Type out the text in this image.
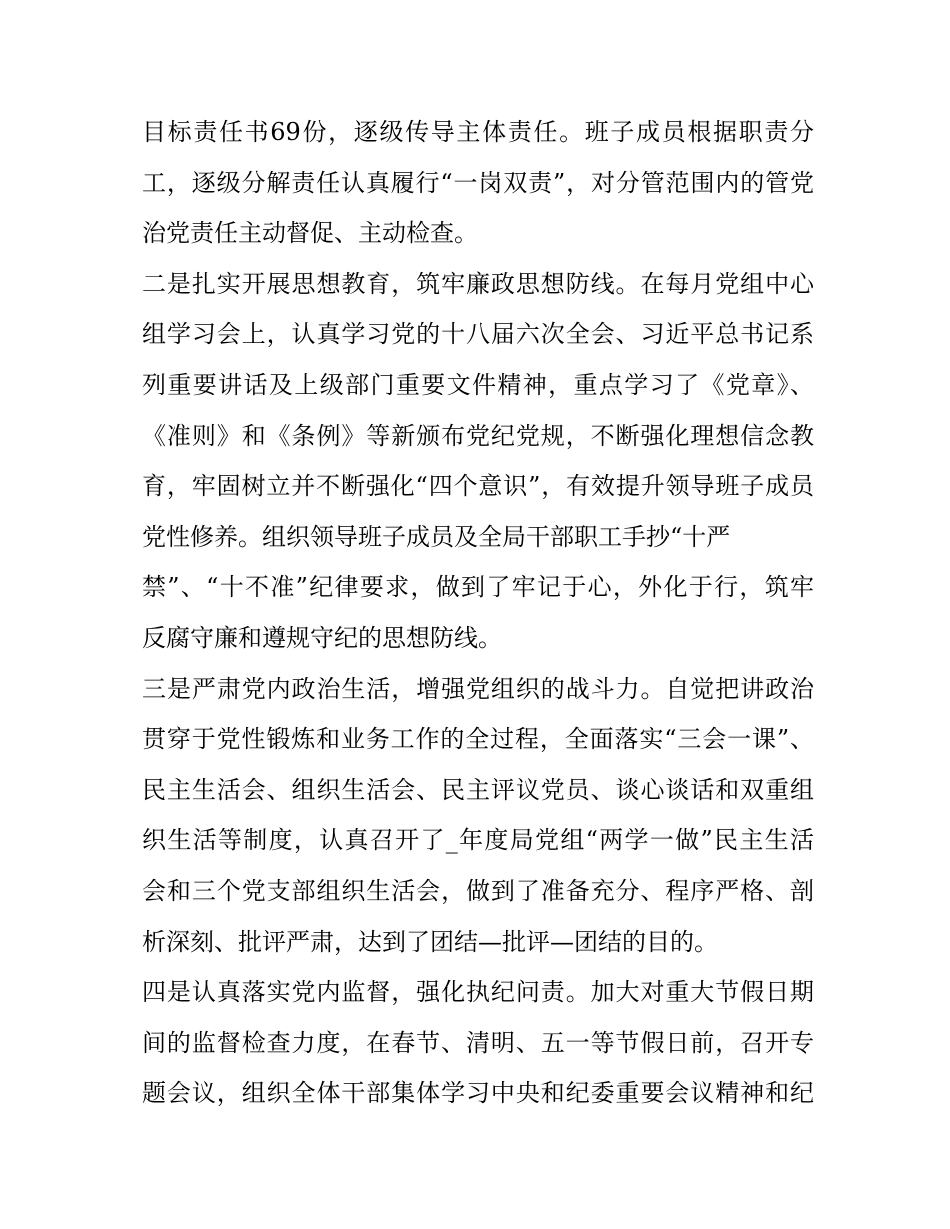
目标责任书69份，逐级传导主体责任。班子成员根据职责分
工，逐级分解责任认真履行“一岗双责”，对分管范围内的管党
治党责任主动督促、主动检查。
二是扎实开展思想教育，筑牢廉政思想防线。在每月党组中心
组学习会上，认真学习党的十八届六次全会、习近平总书记系
列重要讲话及上级部门重要文件精神，重点学习了《党章》、
《准则》和《条例》等新颁布党纪党规，不断强化理想信念教
育，牢固树立并不断强化“四个意识”，有效提升领导班子成员
党性修养。组织领导班子成员及全局干部职工手抄“十严
禁”、“十不准”纪律要求，做到了牢记于心，外化于行，筑牢
反腐守廉和遵规守纪的思想防线。
三是严肃党内政治生活，增强党组织的战斗力。自觉把讲政治
贯穿于党性锻炼和业务工作的全过程，全面落实“三会一课”、
民主生活会、组织生活会、民主评议党员、谈心谈话和双重组
织生活等制度，认真召开了_年度局党组“两学一做”民主生活
会和三个党支部组织生活会，做到了准备充分、程序严格、剖
析深刻、批评严肃，达到了团结—批评—团结的目的。
四是认真落实党内监督，强化执纪问责。加大对重大节假日期
间的监督检查力度，在春节、清明、五一等节假日前，召开专
题会议，组织全体干部集体学习中央和纪委重要会议精神和纪
